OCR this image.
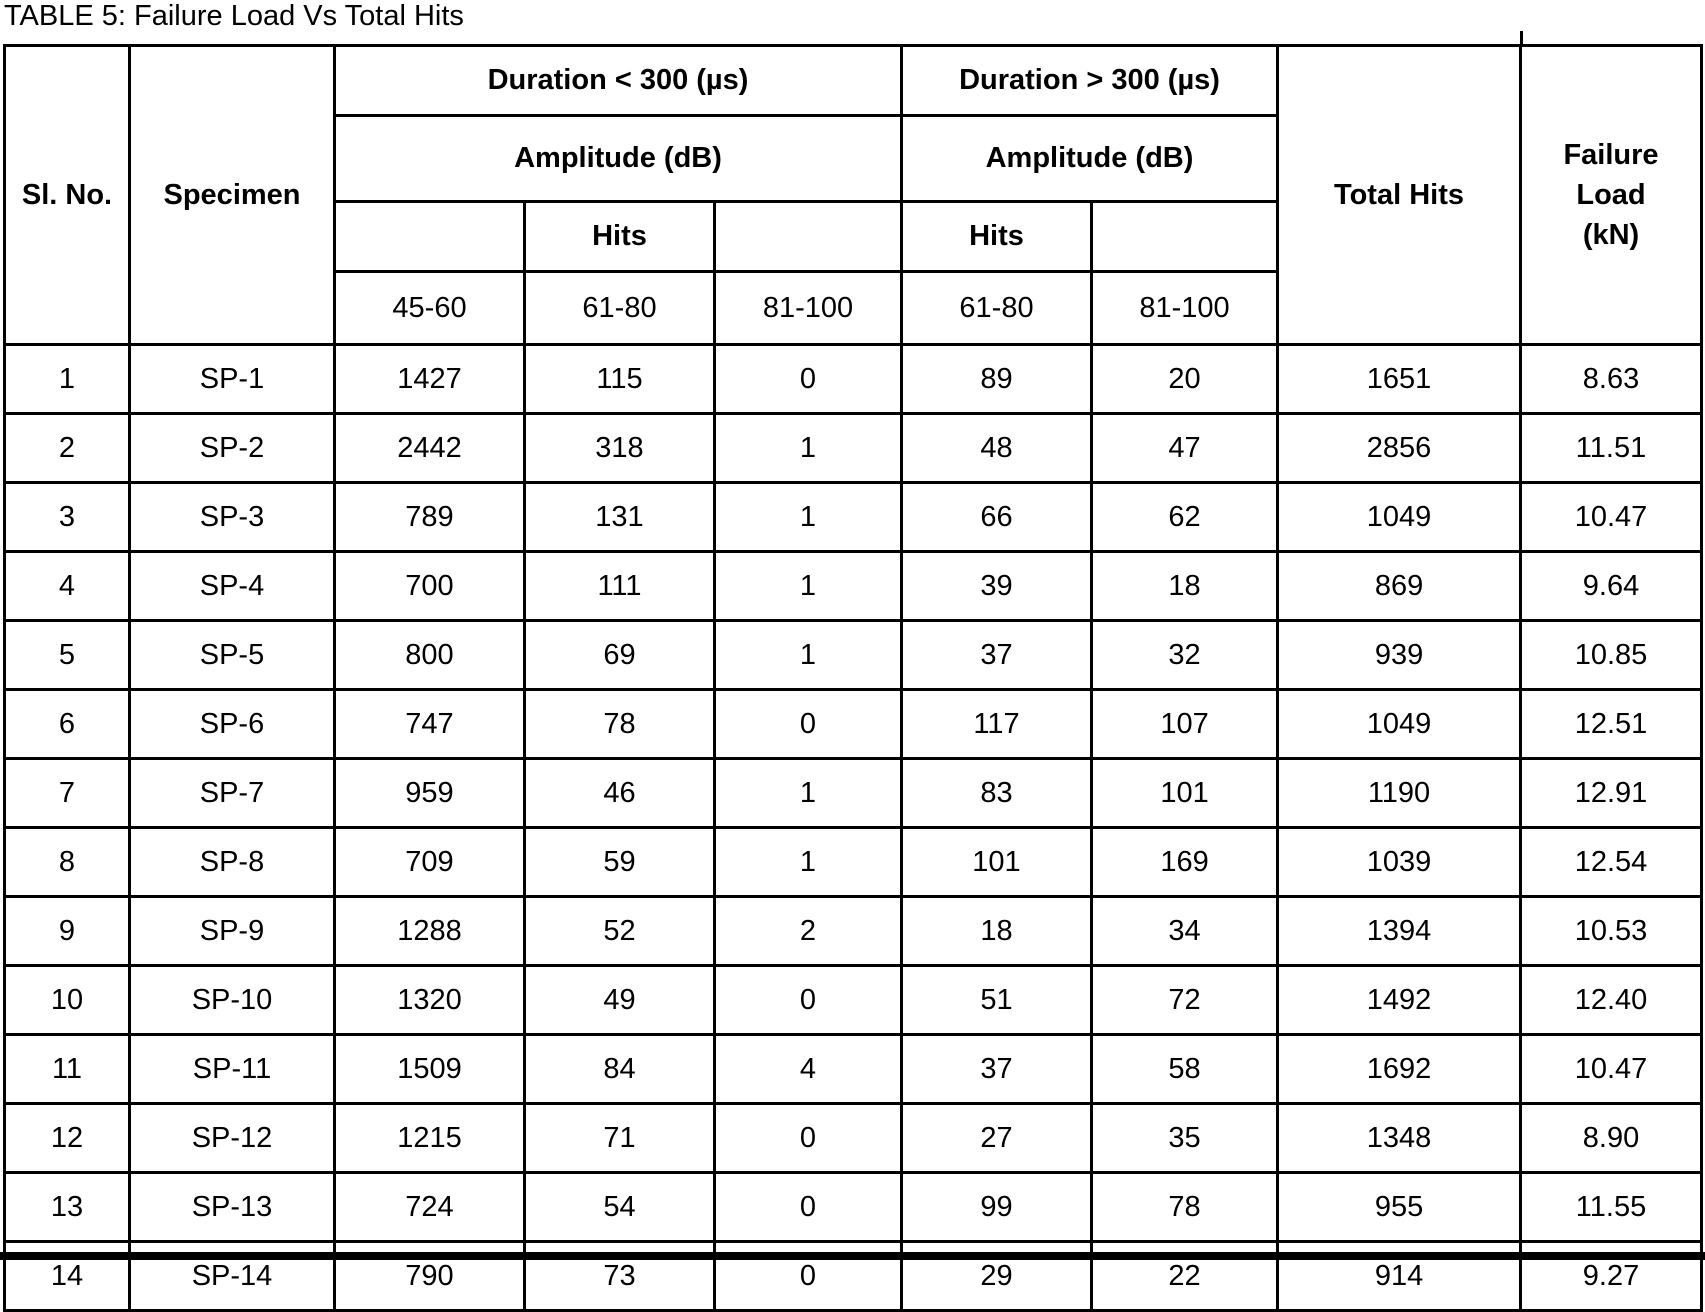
TABLE 5: Failure Load Vs Total Hits
Sl. No.	Specimen	Duration < 300 (µs)			Duration > 300 (µs)		Total Hits	Failure
Load
(kN)

		Amplitude (dB)			Amplitude (dB)			
			Hits		Hits			
		45-60	61-80	81-100	61-80	81-100		
1	SP-1	1427	115	0	89	20	1651	8.63
2	SP-2	2442	318	1	48	47	2856	11.51
3	SP-3	789	131	1	66	62	1049	10.47
4	SP-4	700	111	1	39	18	869	9.64
5	SP-5	800	69	1	37	32	939	10.85
6	SP-6	747	78	0	117	107	1049	12.51
7	SP-7	959	46	1	83	101	1190	12.91
8	SP-8	709	59	1	101	169	1039	12.54
9	SP-9	1288	52	2	18	34	1394	10.53
10	SP-10	1320	49	0	51	72	1492	12.40
11	SP-11	1509	84	4	37	58	1692	10.47
12	SP-12	1215	71	0	27	35	1348	8.90
13	SP-13	724	54	0	99	78	955	11.55
14	SP-14	790	73	0	29	22	914	9.27
